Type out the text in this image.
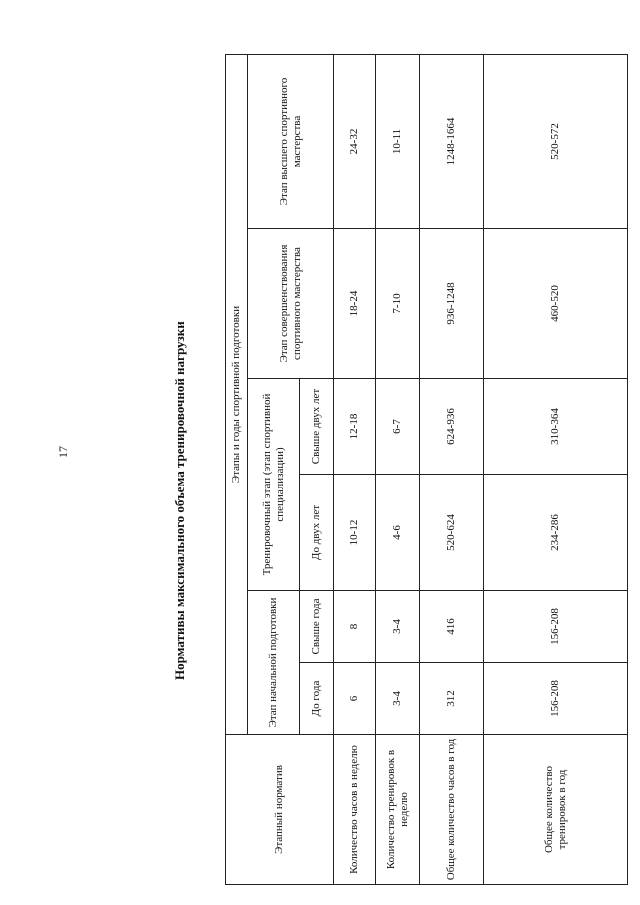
17	Нормативы максимального объема тренировочной нагрузки
Этапный норматив	Этапы и годы спортивной подготовки					
	Этап начальной подготовки		Тренировочный этап (этап спортивной специализации)		Этап совершенствования спортивного мастерства	Этап высшего спортивного мастерства
	До года	Свыше года	До двух лет	Свыше двух лет		
Количество часов в неделю	6	8	10-12	12-18	18-24	24-32
Количество тренировок в неделю	3-4	3-4	4-6	6-7	7-10	10-11
Общее количество часов в год	312	416	520-624	624-936	936-1248	1248-1664
Общее количество тренировок в год	156-208	156-208	234-286	310-364	460-520	520-572
